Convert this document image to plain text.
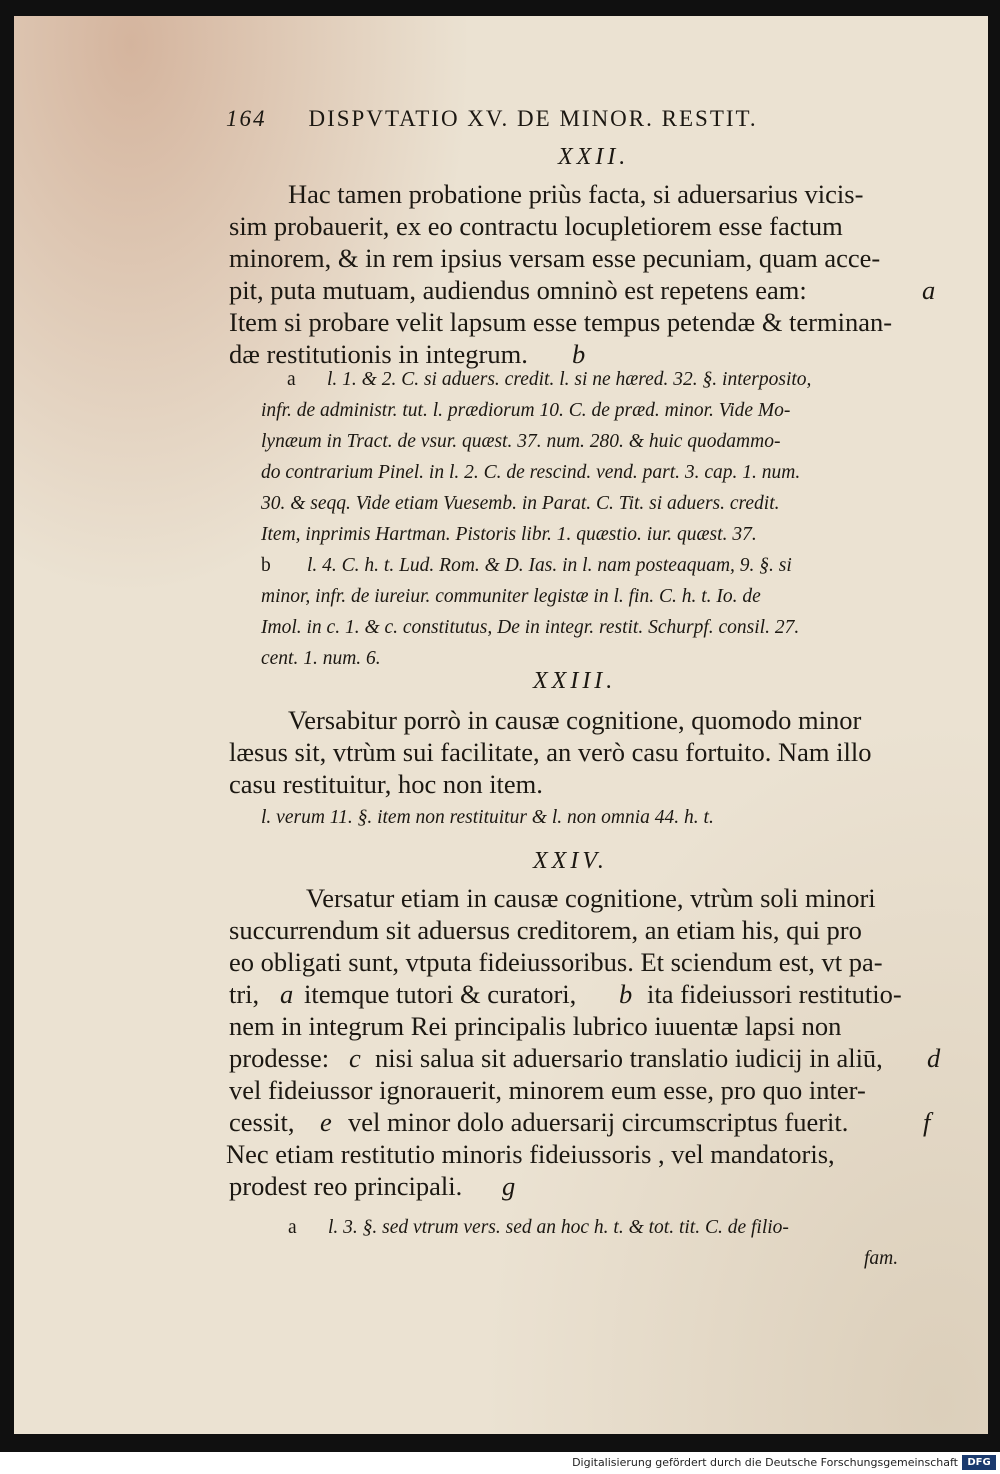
164 DISPVTATIO XV. DE MINOR. RESTIT.
XXII.
Hac tamen probatione priùs facta, si aduersarius vicis-
sim probauerit, ex eo contractu locupletiorem esse factum
minorem, & in rem ipsius versam esse pecuniam, quam acce-
pit, puta mutuam, audiendus omninò est repetens eam:	a
Item si probare velit lapsum esse tempus petendæ & terminan-
dæ restitutionis in integrum. b
a l. 1. & 2. C. si aduers. credit. l. si ne hæred. 32. §. interposito,
infr. de administr. tut. l. prædiorum 10. C. de præd. minor. Vide Mo-
lynæum in Tract. de vsur. quæst. 37. num. 280. & huic quodammo-
do contrarium Pinel. in l. 2. C. de rescind. vend. part. 3. cap. 1. num.
30. & seqq. Vide etiam Vuesemb. in Parat. C. Tit. si aduers. credit.
Item, inprimis Hartman. Pistoris libr. 1. quæstio. iur. quæst. 37.
b l. 4. C. h. t. Lud. Rom. & D. Ias. in l. nam posteaquam, 9. §. si
minor, infr. de iureiur. communiter legistæ in l. fin. C. h. t. Io. de
Imol. in c. 1. & c. constitutus, De in integr. restit. Schurpf. consil. 27.
cent. 1. num. 6.
XXIII.
Versabitur porrò in causæ cognitione, quomodo minor
læsus sit, vtrùm sui facilitate, an verò casu fortuito. Nam illo
casu restituitur, hoc non item.
l. verum 11. §. item non restituitur & l. non omnia 44. h. t.
XXIV.
Versatur etiam in causæ cognitione, vtrùm soli minori
succurrendum sit aduersus creditorem, an etiam his, qui pro
eo obligati sunt, vtputa fideiussoribus. Et sciendum est, vt pa-
tri, a itemque tutori & curatori, b ita fideiussori restitutio-
nem in integrum Rei principalis lubrico iuuentæ lapsi non
prodesse: c nisi salua sit aduersario translatio iudicij in aliū, d
vel fideiussor ignorauerit, minorem eum esse, pro quo inter-
cessit, e vel minor dolo aduersarij circumscriptus fuerit.	f
Nec etiam restitutio minoris fideiussoris , vel mandatoris,
prodest reo principali. g
a l. 3. §. sed vtrum vers. sed an hoc h. t. & tot. tit. C. de filio-
fam.
Digitalisierung gefördert durch die Deutsche Forschungsgemeinschaft DFG
